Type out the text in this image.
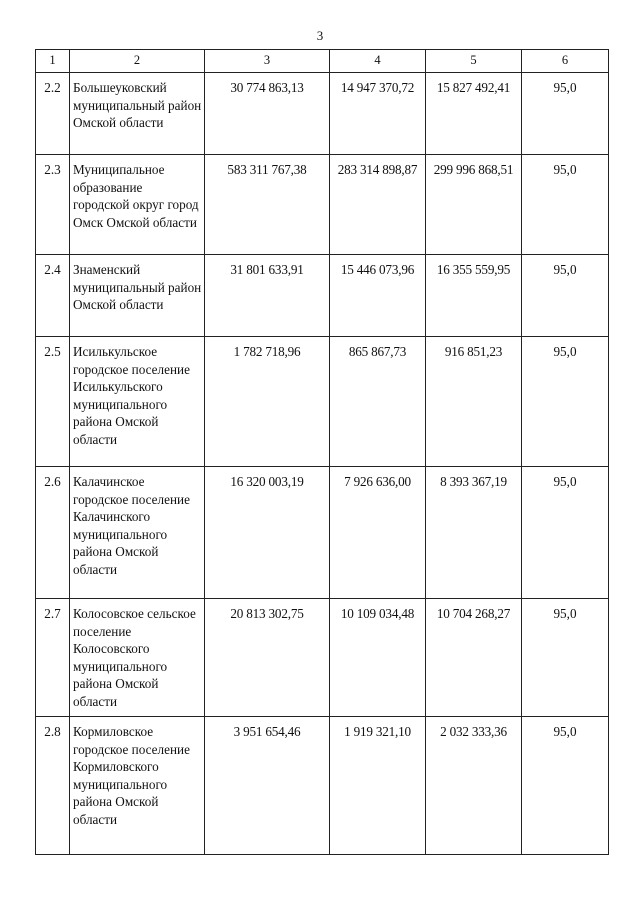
3
1	2	3	4	5	6
2.2	Большеуковский муниципальный район Омской области	30 774 863,13	14 947 370,72	15 827 492,41	95,0
2.3	Муниципальное образование городской округ город Омск Омской области	583 311 767,38	283 314 898,87	299 996 868,51	95,0
2.4	Знаменский муниципальный район Омской области	31 801 633,91	15 446 073,96	16 355 559,95	95,0
2.5	Исилькульское городское поселение Исилькульского муниципального района Омской области	1 782 718,96	865 867,73	916 851,23	95,0
2.6	Калачинское городское поселение Калачинского муниципального района Омской области	16 320 003,19	7 926 636,00	8 393 367,19	95,0
2.7	Колосовское сельское поселение Колосовского муниципального района Омской области	20 813 302,75	10 109 034,48	10 704 268,27	95,0
2.8	Кормиловское городское поселение Кормиловского муниципального района Омской области	3 951 654,46	1 919 321,10	2 032 333,36	95,0
